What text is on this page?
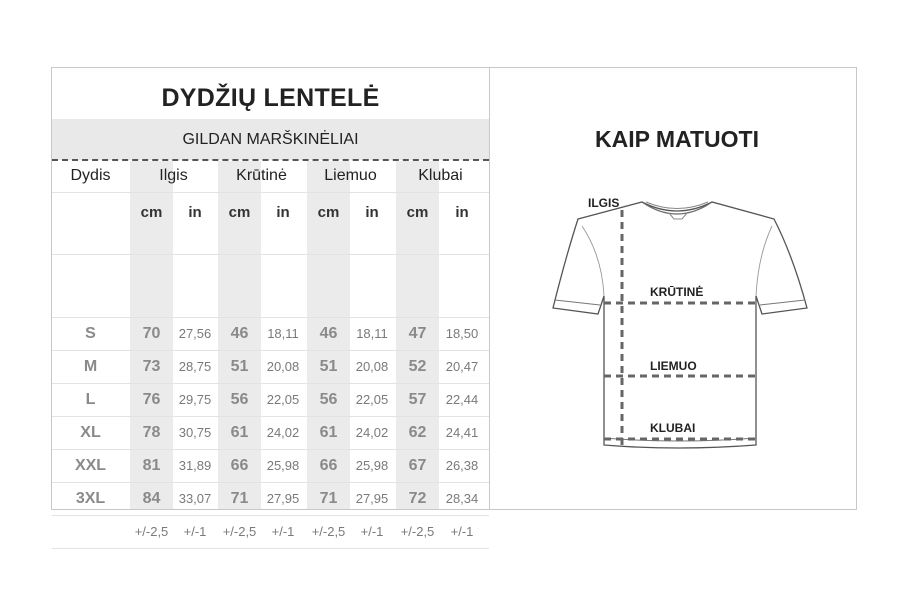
DYDŽIŲ LENTELĖ
GILDAN MARŠKINĖLIAI
Dydis	Ilgis	Krūtinė	Liemuo	Klubai
cm	in	cm	in	cm	in	cm	in
S	70	27,56	46	18,11	46	18,11	47	18,50
M	73	28,75	51	20,08	51	20,08	52	20,47
L	76	29,75	56	22,05	56	22,05	57	22,44
XL	78	30,75	61	24,02	61	24,02	62	24,41
XXL	81	31,89	66	25,98	66	25,98	67	26,38
3XL	84	33,07	71	27,95	71	27,95	72	28,34
+/-2,5	+/-1	+/-2,5	+/-1	+/-2,5	+/-1	+/-2,5	+/-1
KAIP MATUOTI
ILGIS
KRŪTINĖ
LIEMUO
KLUBAI
